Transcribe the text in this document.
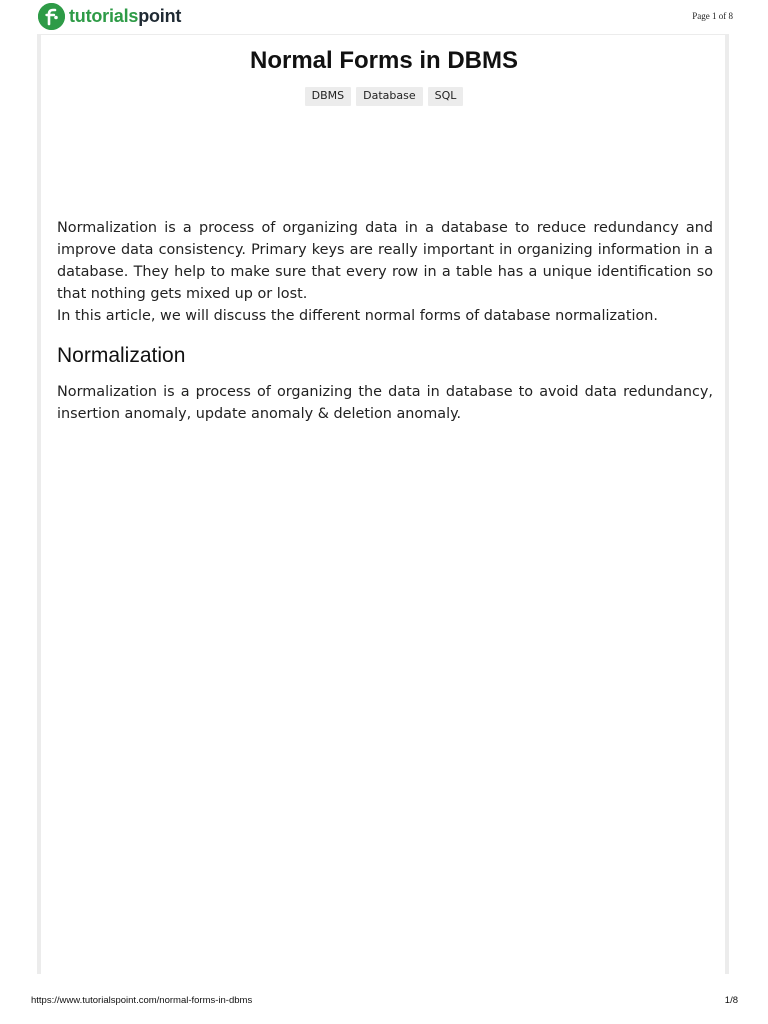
tutorialspoint	Page 1 of 8
Normal Forms in DBMS
DBMS	Database	SQL

Normalization is a process of organizing data in a database to reduce redundancy and improve data consistency. Primary keys are really important in organizing information in a database. They help to make sure that every row in a table has a unique identification so that nothing gets mixed up or lost.

In this article, we will discuss the different normal forms of database normalization.

Normalization

Normalization is a process of organizing the data in database to avoid data redundancy, insertion anomaly, update anomaly & deletion anomaly.

https://www.tutorialspoint.com/normal-forms-in-dbms	1/8
